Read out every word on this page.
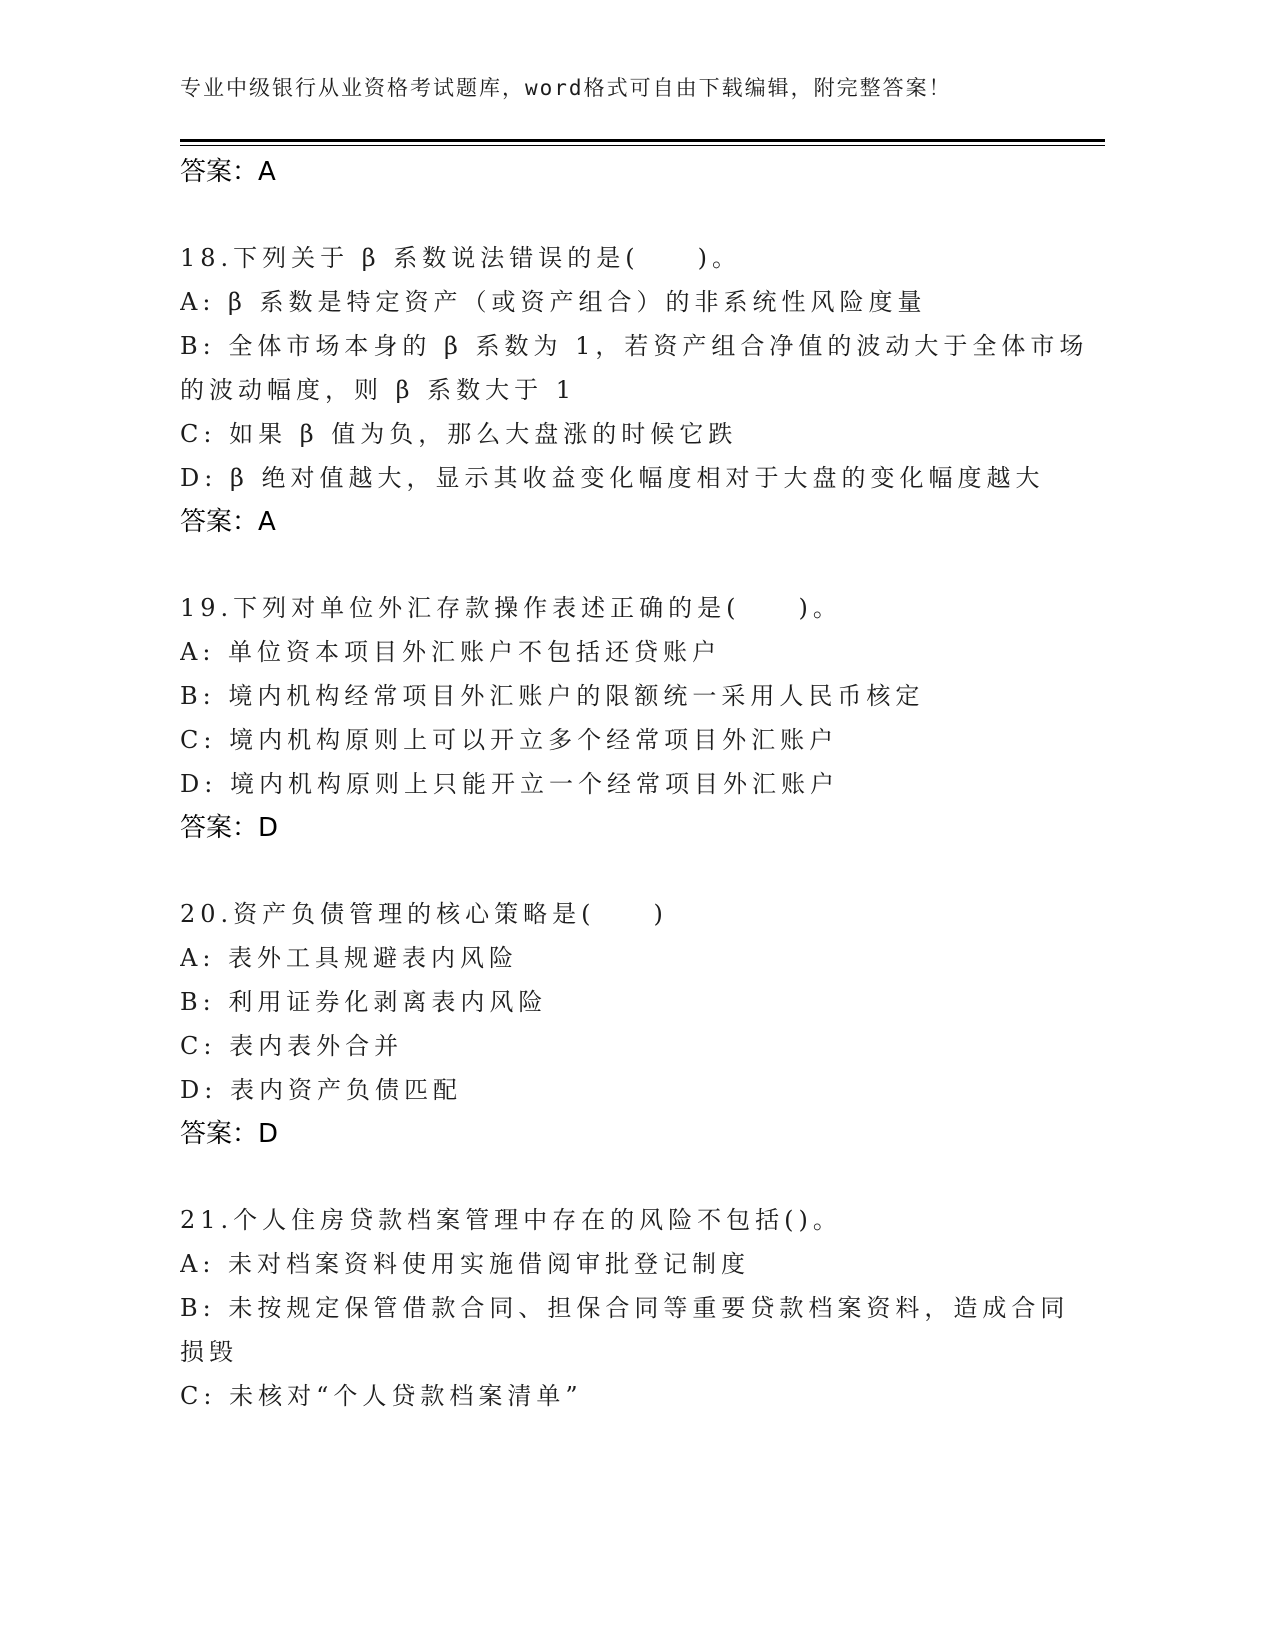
专业中级银行从业资格考试题库，word格式可自由下载编辑，附完整答案！
答案：A
18.下列关于 β 系数说法错误的是(　　)。
A: β 系数是特定资产（或资产组合）的非系统性风险度量
B: 全体市场本身的 β 系数为 1，若资产组合净值的波动大于全体市场
的波动幅度，则 β 系数大于 1
C: 如果 β 值为负，那么大盘涨的时候它跌
D: β 绝对值越大，显示其收益变化幅度相对于大盘的变化幅度越大
答案：A
19.下列对单位外汇存款操作表述正确的是(　　)。
A: 单位资本项目外汇账户不包括还贷账户
B: 境内机构经常项目外汇账户的限额统一采用人民币核定
C: 境内机构原则上可以开立多个经常项目外汇账户
D: 境内机构原则上只能开立一个经常项目外汇账户
答案：D
20.资产负债管理的核心策略是(　　)
A: 表外工具规避表内风险
B: 利用证券化剥离表内风险
C: 表内表外合并
D: 表内资产负债匹配
答案：D
21.个人住房贷款档案管理中存在的风险不包括()。
A: 未对档案资料使用实施借阅审批登记制度
B: 未按规定保管借款合同、担保合同等重要贷款档案资料，造成合同
损毁
C: 未核对“个人贷款档案清单”
